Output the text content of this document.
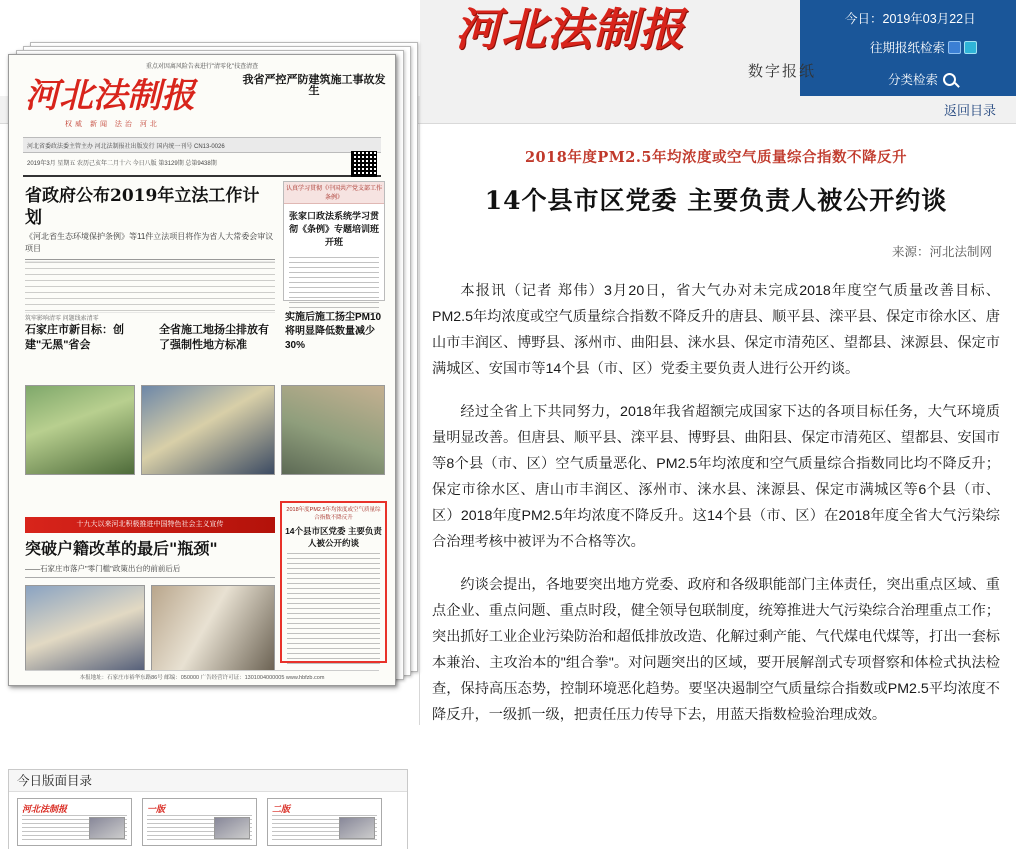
河北法制报
数字报纸
今日：2019年03月22日
往期报纸检索
分类检索
返回目录
重点对因离风险告表进行"清零化"技查清查
河北法制报
权威 新闻 法治 河北
我省严控严防建筑施工事故发生
河北省委政法委主管主办 河北法制报社出版发行 国内统一刊号 CN13-0026
2019年3月 星期五 农历己亥年二月十六 今日八版 第3129期 总第9438期
省政府公布2019年立法工作计划
《河北省生态环境保护条例》等11件立法项目将作为省人大常委会审议项目
认真学习贯彻《中国共产党支部工作条例》
张家口政法系统学习贯彻《条例》专题培训班开班
筑牢影响清零 问题线索清零
石家庄市新目标：创建"无黑"省会
全省施工地扬尘排放有了强制性地方标准
实施后施工扬尘PM10将明显降低数量减少30%
十九大以来河北积极推进中国特色社会主义宣传
突破户籍改革的最后"瓶颈"
——石家庄市落户"零门槛"政策出台的前前后后
2018年度PM2.5年均浓度或空气质量综合指数不降反升
14个县市区党委 主要负责人被公开约谈
本报地址：石家庄市裕华东路86号 邮编：050000 广告经营许可证：1301004000005 www.hbfzb.com
今日版面目录
河北法制报	一版	二版
2018年度PM2.5年均浓度或空气质量综合指数不降反升
14个县市区党委 主要负责人被公开约谈
来源：河北法制网

本报讯（记者 郑伟）3月20日，省大气办对未完成2018年度空气质量改善目标、PM2.5年均浓度或空气质量综合指数不降反升的唐县、顺平县、滦平县、保定市徐水区、唐山市丰润区、博野县、涿州市、曲阳县、涞水县、保定市清苑区、望都县、涞源县、保定市满城区、安国市等14个县（市、区）党委主要负责人进行公开约谈。

经过全省上下共同努力，2018年我省超额完成国家下达的各项目标任务，大气环境质量明显改善。但唐县、顺平县、滦平县、博野县、曲阳县、保定市清苑区、望都县、安国市等8个县（市、区）空气质量恶化、PM2.5年均浓度和空气质量综合指数同比均不降反升；保定市徐水区、唐山市丰润区、涿州市、涞水县、涞源县、保定市满城区等6个县（市、区）2018年度PM2.5年均浓度不降反升。这14个县（市、区）在2018年度全省大气污染综合治理考核中被评为不合格等次。

约谈会提出，各地要突出地方党委、政府和各级职能部门主体责任，突出重点区域、重点企业、重点问题、重点时段，健全领导包联制度，统筹推进大气污染综合治理重点工作；突出抓好工业企业污染防治和超低排放改造、化解过剩产能、气代煤电代煤等，打出一套标本兼治、主攻治本的"组合拳"。对问题突出的区域，要开展解剖式专项督察和体检式执法检查，保持高压态势，控制环境恶化趋势。要坚决遏制空气质量综合指数或PM2.5平均浓度不降反升，一级抓一级，把责任压力传导下去，用蓝天指数检验治理成效。
